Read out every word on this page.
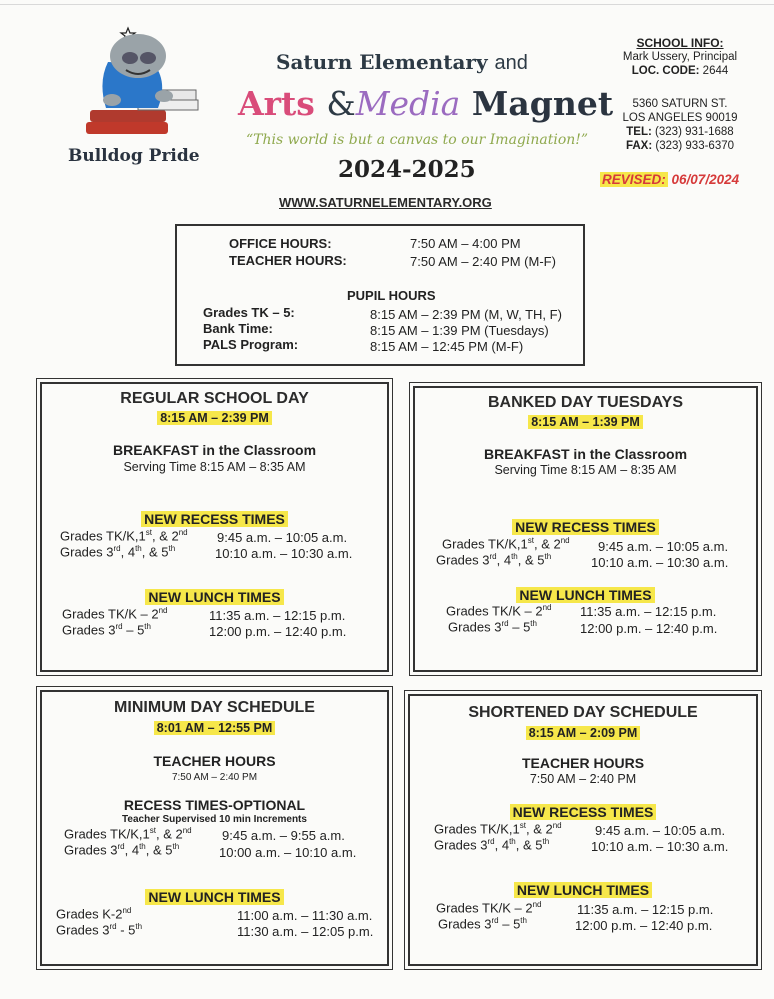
Bulldog Pride
Saturn Elementary and
Arts &Media Magnet
“This world is but a canvas to our Imagination!”
2024-2025
WWW.SATURNELEMENTARY.ORG
SCHOOL INFO:
Mark Ussery, Principal
LOC. CODE: 2644
5360 SATURN ST.
LOS ANGELES 90019
TEL: (323) 931-1688
FAX: (323) 933-6370
REVISED: 06/07/2024
OFFICE HOURS:	7:50 AM – 4:00 PM
TEACHER HOURS:	7:50 AM – 2:40 PM (M-F)
PUPIL HOURS
Grades TK – 5:	8:15 AM – 2:39 PM (M, W, TH, F)
Bank Time:	8:15 AM – 1:39 PM (Tuesdays)
PALS Program:	8:15 AM – 12:45 PM (M-F)
REGULAR SCHOOL DAY
8:15 AM – 2:39 PM
BREAKFAST in the Classroom
Serving Time 8:15 AM – 8:35 AM
NEW RECESS TIMES
Grades TK/K,1st, & 2nd 9:45 a.m. – 10:05 a.m.
Grades 3rd, 4th, & 5th	10:10 a.m. – 10:30 a.m.
NEW LUNCH TIMES
Grades TK/K – 2nd	11:35 a.m. – 12:15 p.m.
Grades 3rd – 5th	12:00 p.m. – 12:40 p.m.
BANKED DAY TUESDAYS
8:15 AM – 1:39 PM
BREAKFAST in the Classroom
Serving Time 8:15 AM – 8:35 AM
NEW RECESS TIMES
Grades TK/K,1st, & 2nd 9:45 a.m. – 10:05 a.m.
Grades 3rd, 4th, & 5th	10:10 a.m. – 10:30 a.m.
NEW LUNCH TIMES
Grades TK/K – 2nd 11:35 a.m. – 12:15 p.m.
Grades 3rd – 5th	12:00 p.m. – 12:40 p.m.
MINIMUM DAY SCHEDULE
8:01 AM – 12:55 PM
TEACHER HOURS
7:50 AM – 2:40 PM
RECESS TIMES-OPTIONAL
Teacher Supervised 10 min Increments
Grades TK/K,1st, & 2nd 9:45 a.m. – 9:55 a.m.
Grades 3rd, 4th, & 5th	10:00 a.m. – 10:10 a.m.
NEW LUNCH TIMES
Grades K-2nd	11:00 a.m. – 11:30 a.m.
Grades 3rd - 5th	11:30 a.m. – 12:05 p.m.
SHORTENED DAY SCHEDULE
8:15 AM – 2:09 PM
TEACHER HOURS
7:50 AM – 2:40 PM
NEW RECESS TIMES
Grades TK/K,1st, & 2nd	9:45 a.m. – 10:05 a.m.
Grades 3rd, 4th, & 5th	10:10 a.m. – 10:30 a.m.
NEW LUNCH TIMES
Grades TK/K – 2nd	11:35 a.m. – 12:15 p.m.
Grades 3rd – 5th	12:00 p.m. – 12:40 p.m.
